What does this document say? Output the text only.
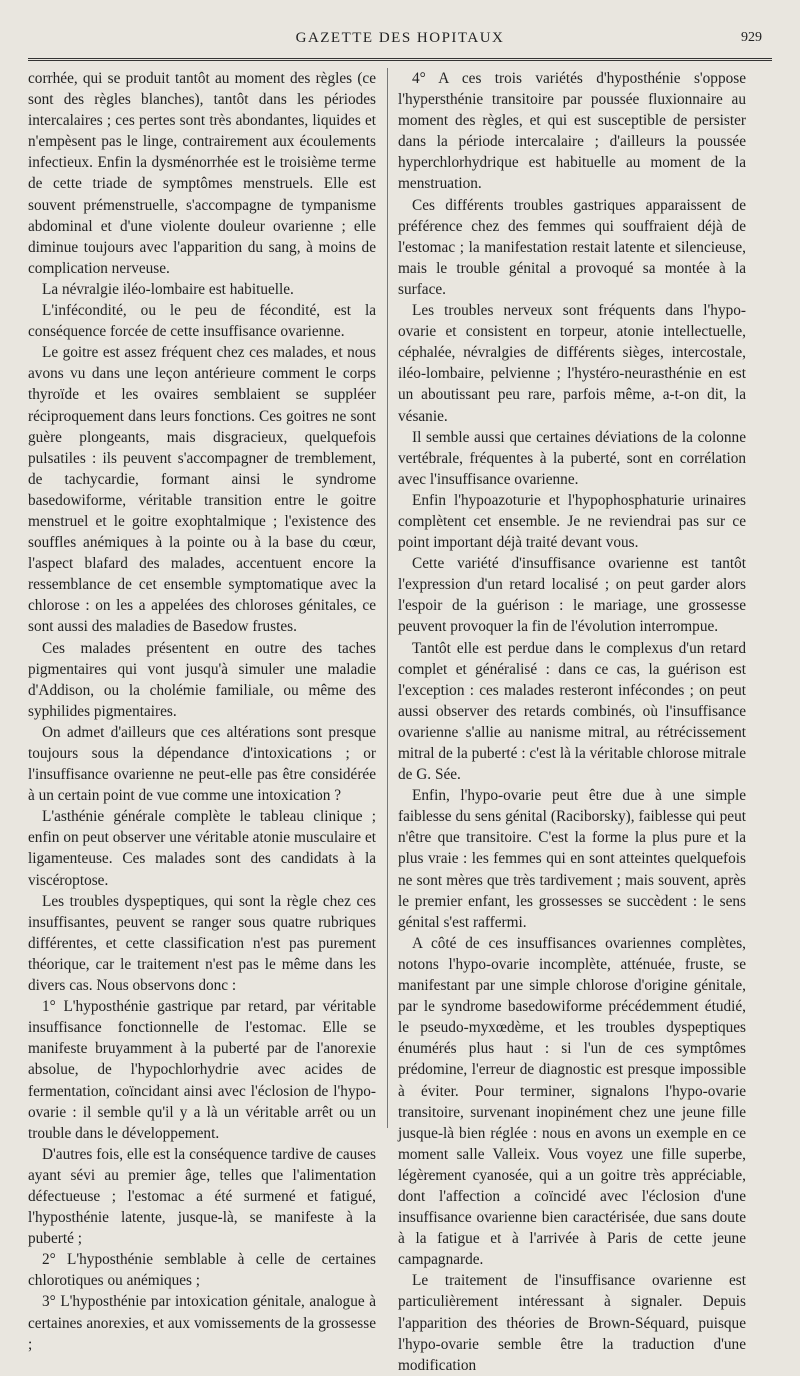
GAZETTE DES HOPITAUX	929

corrhée, qui se produit tantôt au moment des règles (ce sont des règles blanches), tantôt dans les périodes intercalaires ; ces pertes sont très abondantes, liquides et n'empèsent pas le linge, contrairement aux écoulements infectieux. Enfin la dysménorrhée est le troisième terme de cette triade de symptômes menstruels. Elle est souvent prémenstruelle, s'accompagne de tympanisme abdominal et d'une violente douleur ovarienne ; elle diminue toujours avec l'apparition du sang, à moins de complication nerveuse.

La névralgie iléo-lombaire est habituelle.

L'infécondité, ou le peu de fécondité, est la conséquence forcée de cette insuffisance ovarienne.

Le goitre est assez fréquent chez ces malades, et nous avons vu dans une leçon antérieure comment le corps thyroïde et les ovaires semblaient se suppléer réciproquement dans leurs fonctions. Ces goitres ne sont guère plongeants, mais disgracieux, quelquefois pulsatiles : ils peuvent s'accompagner de tremblement, de tachycardie, formant ainsi le syndrome basedowiforme, véritable transition entre le goitre menstruel et le goitre exophtalmique ; l'existence des souffles anémiques à la pointe ou à la base du cœur, l'aspect blafard des malades, accentuent encore la ressemblance de cet ensemble symptomatique avec la chlorose : on les a appelées des chloroses génitales, ce sont aussi des maladies de Basedow frustes.

Ces malades présentent en outre des taches pigmentaires qui vont jusqu'à simuler une maladie d'Addison, ou la cholémie familiale, ou même des syphilides pigmentaires.

On admet d'ailleurs que ces altérations sont presque toujours sous la dépendance d'intoxications ; or l'insuffisance ovarienne ne peut-elle pas être considérée à un certain point de vue comme une intoxication ?

L'asthénie générale complète le tableau clinique ; enfin on peut observer une véritable atonie musculaire et ligamenteuse. Ces malades sont des candidats à la viscéroptose.

Les troubles dyspeptiques, qui sont la règle chez ces insuffisantes, peuvent se ranger sous quatre rubriques différentes, et cette classification n'est pas purement théorique, car le traitement n'est pas le même dans les divers cas. Nous observons donc :

1° L'hyposthénie gastrique par retard, par véritable insuffisance fonctionnelle de l'estomac. Elle se manifeste bruyamment à la puberté par de l'anorexie absolue, de l'hypochlorhydrie avec acides de fermentation, coïncidant ainsi avec l'éclosion de l'hypo-ovarie : il semble qu'il y a là un véritable arrêt ou un trouble dans le développement.

D'autres fois, elle est la conséquence tardive de causes ayant sévi au premier âge, telles que l'alimentation défectueuse ; l'estomac a été surmené et fatigué, l'hyposthénie latente, jusque-là, se manifeste à la puberté ;

2° L'hyposthénie semblable à celle de certaines chlorotiques ou anémiques ;

3° L'hyposthénie par intoxication génitale, analogue à certaines anorexies, et aux vomissements de la grossesse ;

4° A ces trois variétés d'hyposthénie s'oppose l'hypersthénie transitoire par poussée fluxionnaire au moment des règles, et qui est susceptible de persister dans la période intercalaire ; d'ailleurs la poussée hyperchlorhydrique est habituelle au moment de la menstruation.

Ces différents troubles gastriques apparaissent de préférence chez des femmes qui souffraient déjà de l'estomac ; la manifestation restait latente et silencieuse, mais le trouble génital a provoqué sa montée à la surface.

Les troubles nerveux sont fréquents dans l'hypo-ovarie et consistent en torpeur, atonie intellectuelle, céphalée, névralgies de différents sièges, intercostale, iléo-lombaire, pelvienne ; l'hystéro-neurasthénie en est un aboutissant peu rare, parfois même, a-t-on dit, la vésanie.

Il semble aussi que certaines déviations de la colonne vertébrale, fréquentes à la puberté, sont en corrélation avec l'insuffisance ovarienne.

Enfin l'hypoazoturie et l'hypophosphaturie urinaires complètent cet ensemble. Je ne reviendrai pas sur ce point important déjà traité devant vous.

Cette variété d'insuffisance ovarienne est tantôt l'expression d'un retard localisé ; on peut garder alors l'espoir de la guérison : le mariage, une grossesse peuvent provoquer la fin de l'évolution interrompue.

Tantôt elle est perdue dans le complexus d'un retard complet et généralisé : dans ce cas, la guérison est l'exception : ces malades resteront infécondes ; on peut aussi observer des retards combinés, où l'insuffisance ovarienne s'allie au nanisme mitral, au rétrécissement mitral de la puberté : c'est là la véritable chlorose mitrale de G. Sée.

Enfin, l'hypo-ovarie peut être due à une simple faiblesse du sens génital (Raciborsky), faiblesse qui peut n'être que transitoire. C'est la forme la plus pure et la plus vraie : les femmes qui en sont atteintes quelquefois ne sont mères que très tardivement ; mais souvent, après le premier enfant, les grossesses se succèdent : le sens génital s'est raffermi.

A côté de ces insuffisances ovariennes complètes, notons l'hypo-ovarie incomplète, atténuée, fruste, se manifestant par une simple chlorose d'origine génitale, par le syndrome basedowiforme précédemment étudié, le pseudo-myxœdème, et les troubles dyspeptiques énumérés plus haut : si l'un de ces symptômes prédomine, l'erreur de diagnostic est presque impossible à éviter. Pour terminer, signalons l'hypo-ovarie transitoire, survenant inopinément chez une jeune fille jusque-là bien réglée : nous en avons un exemple en ce moment salle Valleix. Vous voyez une fille superbe, légèrement cyanosée, qui a un goitre très appréciable, dont l'affection a coïncidé avec l'éclosion d'une insuffisance ovarienne bien caractérisée, due sans doute à la fatigue et à l'arrivée à Paris de cette jeune campagnarde.

Le traitement de l'insuffisance ovarienne est particulièrement intéressant à signaler. Depuis l'apparition des théories de Brown-Séquard, puisque l'hypo-ovarie semble être la traduction d'une modification
